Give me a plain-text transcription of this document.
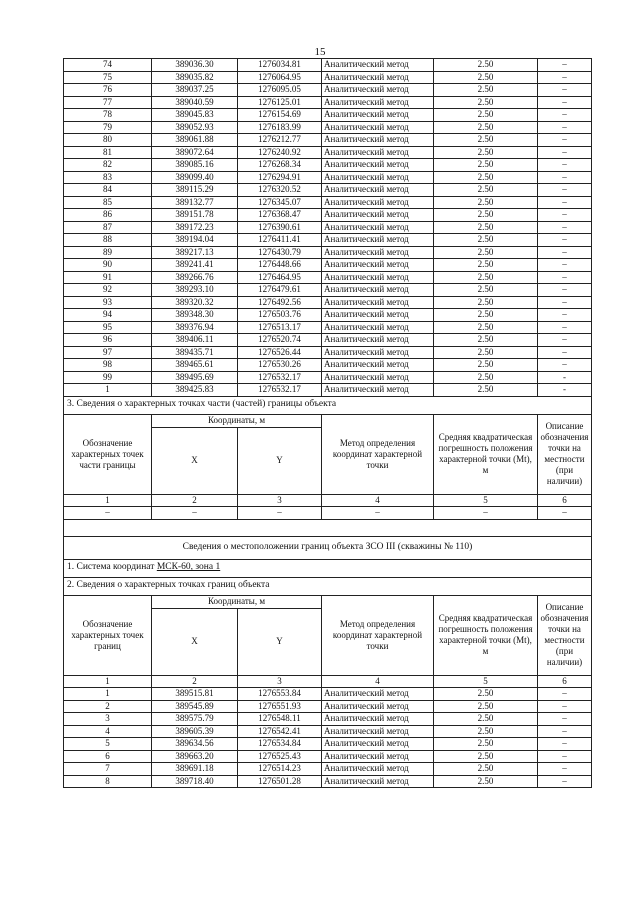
15
74	389036.30	1276034.81	Аналитический метод	2.50	–
75	389035.82	1276064.95	Аналитический метод	2.50	–
76	389037.25	1276095.05	Аналитический метод	2.50	–
77	389040.59	1276125.01	Аналитический метод	2.50	–
78	389045.83	1276154.69	Аналитический метод	2.50	–
79	389052.93	1276183.99	Аналитический метод	2.50	–
80	389061.88	1276212.77	Аналитический метод	2.50	–
81	389072.64	1276240.92	Аналитический метод	2.50	–
82	389085.16	1276268.34	Аналитический метод	2.50	–
83	389099.40	1276294.91	Аналитический метод	2.50	–
84	389115.29	1276320.52	Аналитический метод	2.50	–
85	389132.77	1276345.07	Аналитический метод	2.50	–
86	389151.78	1276368.47	Аналитический метод	2.50	–
87	389172.23	1276390.61	Аналитический метод	2.50	–
88	389194.04	1276411.41	Аналитический метод	2.50	–
89	389217.13	1276430.79	Аналитический метод	2.50	–
90	389241.41	1276448.66	Аналитический метод	2.50	–
91	389266.76	1276464.95	Аналитический метод	2.50	–
92	389293.10	1276479.61	Аналитический метод	2.50	–
93	389320.32	1276492.56	Аналитический метод	2.50	–
94	389348.30	1276503.76	Аналитический метод	2.50	–
95	389376.94	1276513.17	Аналитический метод	2.50	–
96	389406.11	1276520.74	Аналитический метод	2.50	–
97	389435.71	1276526.44	Аналитический метод	2.50	–
98	389465.61	1276530.26	Аналитический метод	2.50	–
99	389495.69	1276532.17	Аналитический метод	2.50	-
1	389425.83	1276532.17	Аналитический метод	2.50	-
3. Сведения о характерных точках части (частей) границы объекта					
Обозначение характерных точек части границы	Координаты, м		Метод определения координат характерной точки	Средняя квадратическая погрешность положения характерной точки (Mt), м	Описание обозначения точки на местности (при наличии)
	X	Y			
1	2	3	4	5	6
–	–	–	–	–	–

Сведения о местоположении границ объекта ЗСО III (скважины № 110)					
1. Система координат МСК-60, зона 1					
2. Сведения о характерных точках границ объекта					
Обозначение характерных точек границ	Координаты, м		Метод определения координат характерной точки	Средняя квадратическая погрешность положения характерной точки (Mt), м	Описание обозначения точки на местности (при наличии)
	X	Y			
1	2	3	4	5	6
1	389515.81	1276553.84	Аналитический метод	2.50	–
2	389545.89	1276551.93	Аналитический метод	2.50	–
3	389575.79	1276548.11	Аналитический метод	2.50	–
4	389605.39	1276542.41	Аналитический метод	2.50	–
5	389634.56	1276534.84	Аналитический метод	2.50	–
6	389663.20	1276525.43	Аналитический метод	2.50	–
7	389691.18	1276514.23	Аналитический метод	2.50	–
8	389718.40	1276501.28	Аналитический метод	2.50	–
